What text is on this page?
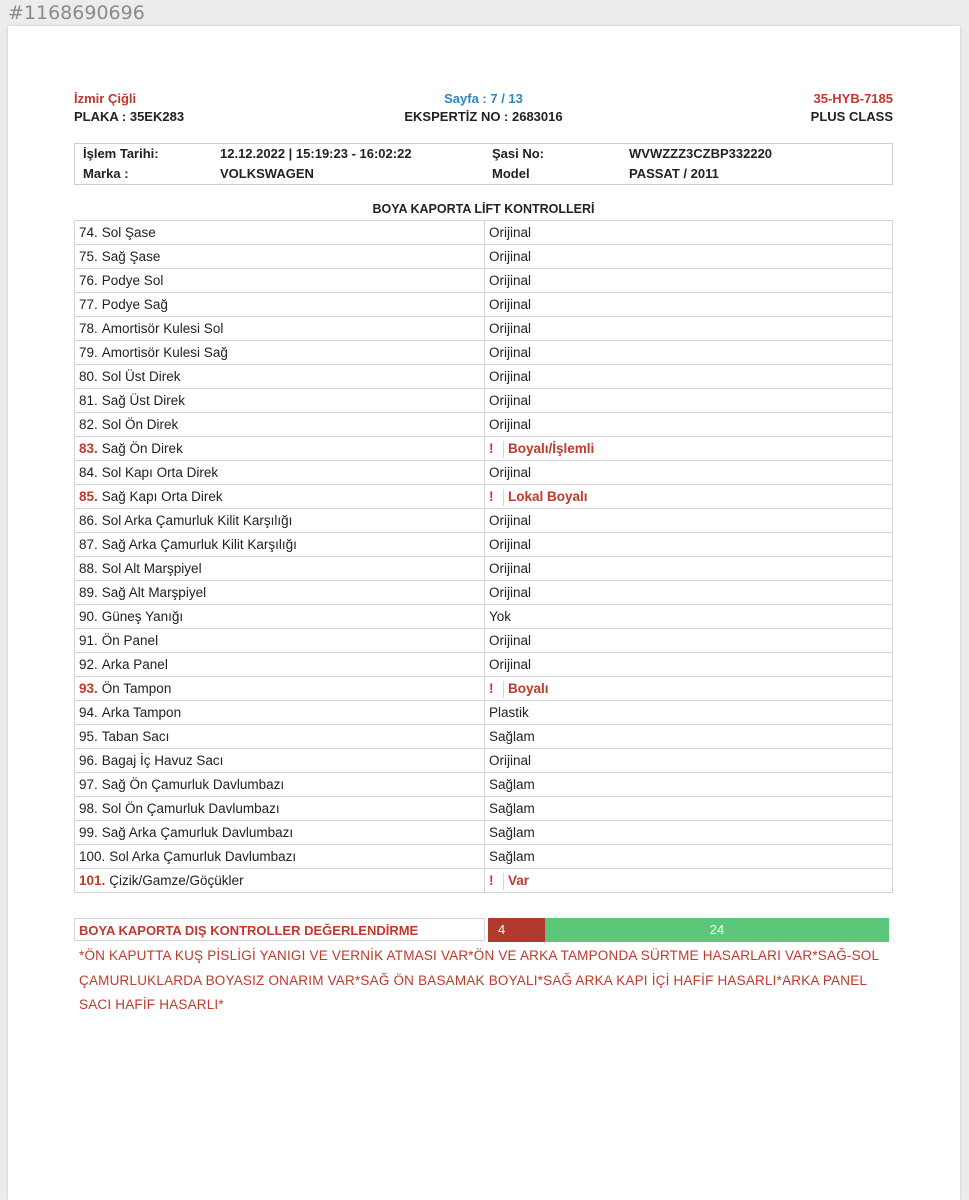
#1168690696
İzmir Çiğli
PLAKA : 35EK283
Sayfa : 7 / 13
EKSPERTİZ NO : 2683016
35-HYB-7185
PLUS CLASS
İşlem Tarihi:	12.12.2022 | 15:19:23 - 16:02:22	Şasi No:	WVWZZZ3CZBP332220
Marka :	VOLKSWAGEN	Model	PASSAT / 2011
BOYA KAPORTA LİFT KONTROLLERİ
74. Sol Şase	Orijinal
75. Sağ Şase	Orijinal
76. Podye Sol	Orijinal
77. Podye Sağ	Orijinal
78. Amortisör Kulesi Sol	Orijinal
79. Amortisör Kulesi Sağ	Orijinal
80. Sol Üst Direk	Orijinal
81. Sağ Üst Direk	Orijinal
82. Sol Ön Direk	Orijinal
83. Sağ Ön Direk	! Boyalı/İşlemli
84. Sol Kapı Orta Direk	Orijinal
85. Sağ Kapı Orta Direk	! Lokal Boyalı
86. Sol Arka Çamurluk Kilit Karşılığı	Orijinal
87. Sağ Arka Çamurluk Kilit Karşılığı	Orijinal
88. Sol Alt Marşpiyel	Orijinal
89. Sağ Alt Marşpiyel	Orijinal
90. Güneş Yanığı	Yok
91. Ön Panel	Orijinal
92. Arka Panel	Orijinal
93. Ön Tampon	! Boyalı
94. Arka Tampon	Plastik
95. Taban Sacı	Sağlam
96. Bagaj İç Havuz Sacı	Orijinal
97. Sağ Ön Çamurluk Davlumbazı	Sağlam
98. Sol Ön Çamurluk Davlumbazı	Sağlam
99. Sağ Arka Çamurluk Davlumbazı	Sağlam
100. Sol Arka Çamurluk Davlumbazı	Sağlam
101. Çizik/Gamze/Göçükler	! Var
BOYA KAPORTA DIŞ KONTROLLER DEĞERLENDİRME	4	24
*ÖN KAPUTTA KUŞ PİSLİGİ YANIGI VE VERNİK ATMASI VAR*ÖN VE ARKA TAMPONDA SÜRTME HASARLARI VAR*SAĞ-SOL ÇAMURLUKLARDA BOYASIZ ONARIM VAR*SAĞ ÖN BASAMAK BOYALI*SAĞ ARKA KAPI İÇİ HAFİF HASARLI*ARKA PANEL SACI HAFİF HASARLI*
